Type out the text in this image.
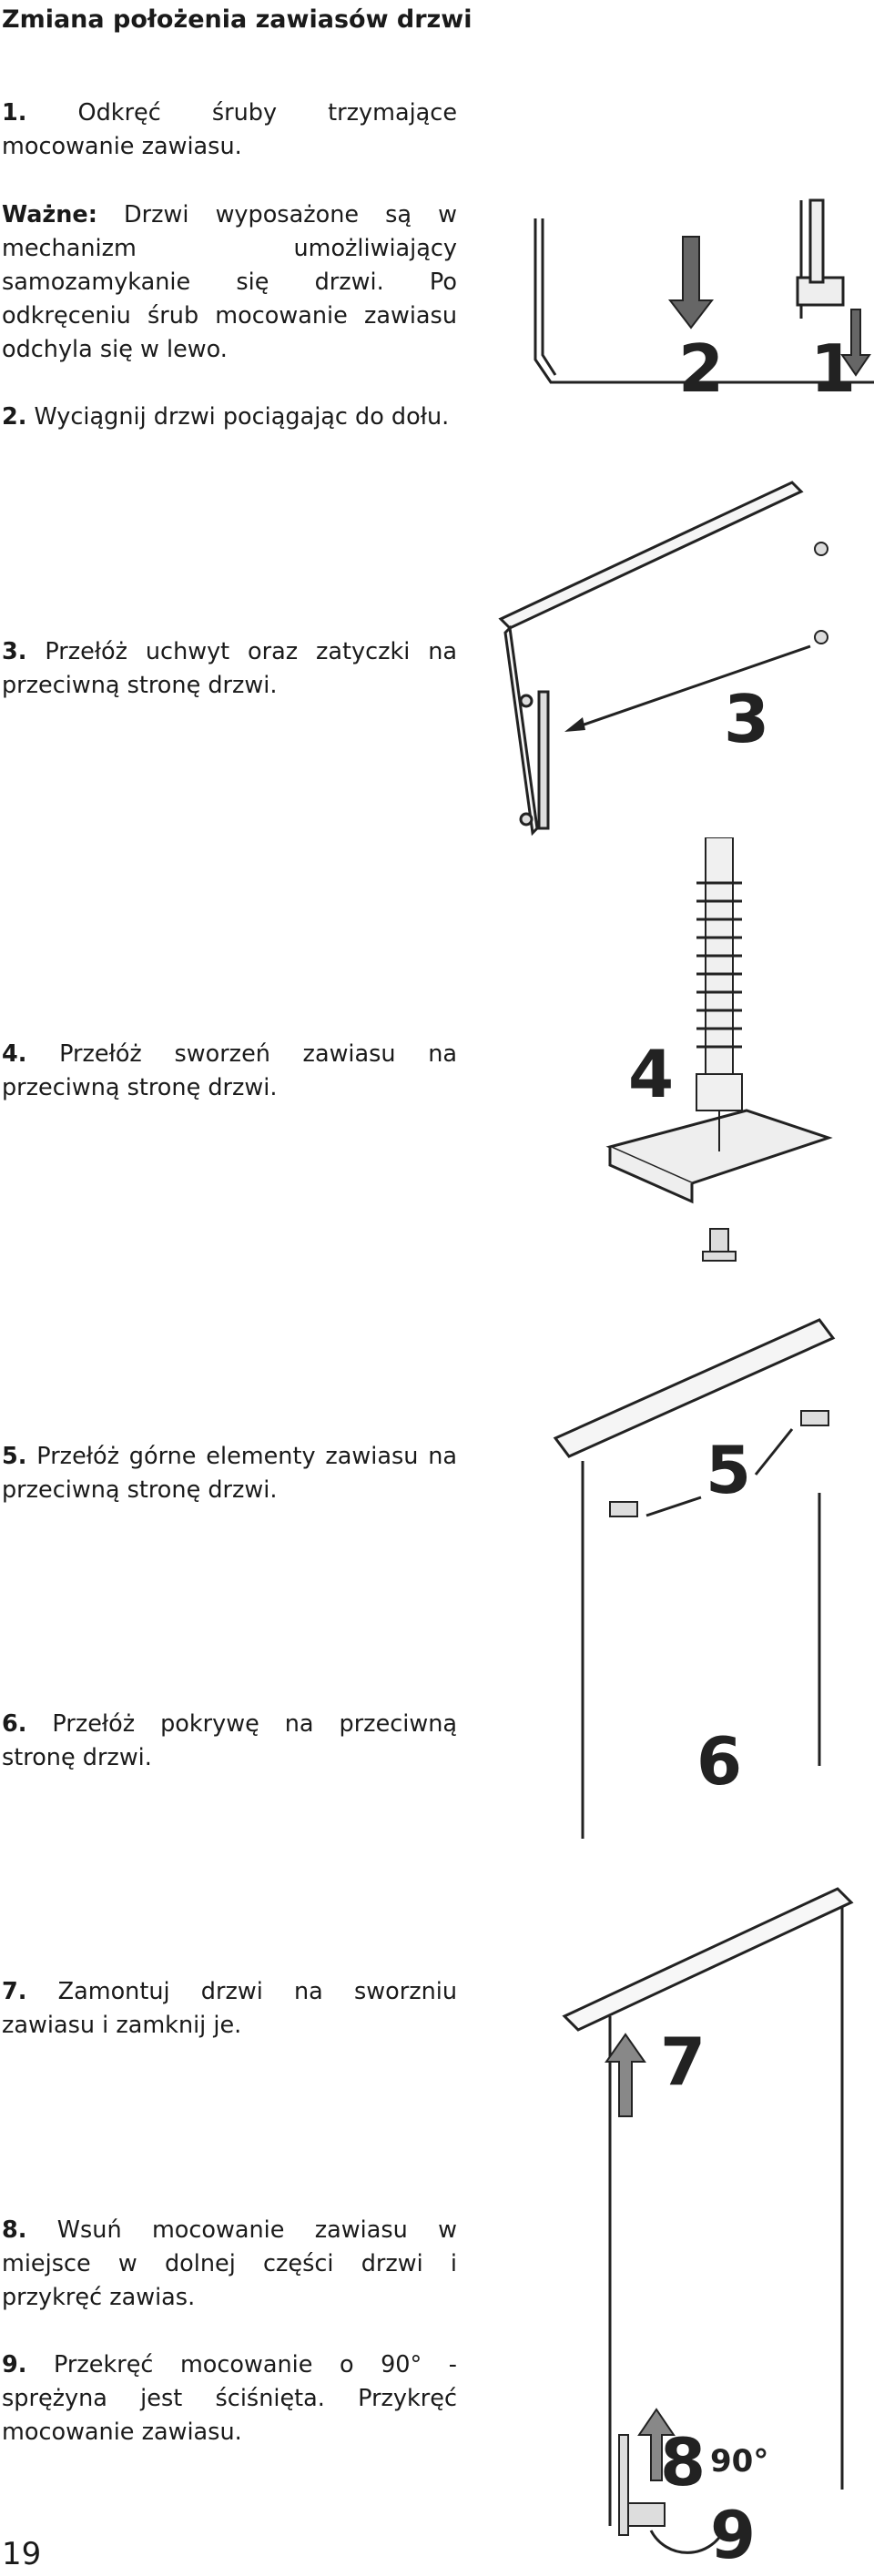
Zmiana położenia zawiasów drzwi

1. Odkręć śruby trzymające mocowanie zawiasu.

Ważne: Drzwi wyposażone są w mechanizm umożliwiający samozamykanie się drzwi. Po odkręceniu śrub mocowanie zawiasu odchyla się w lewo.

2. Wyciągnij drzwi pociągając do dołu.

3. Przełóż uchwyt oraz zatyczki na przeciwną stronę drzwi.

4. Przełóż sworzeń zawiasu na przeciwną stronę drzwi.

5. Przełóż górne elementy zawiasu na przeciwną stronę drzwi.

6. Przełóż pokrywę na przeciwną stronę drzwi.

7. Zamontuj drzwi na sworzniu zawiasu i zamknij je.

8. Wsuń mocowanie zawiasu w miejsce w dolnej części drzwi i przykręć zawias.

9. Przekręć mocowanie o 90° - sprężyna jest ściśnięta. Przykręć mocowanie zawiasu.

2 1
3
4
5
6
7
8 90°
9
19
